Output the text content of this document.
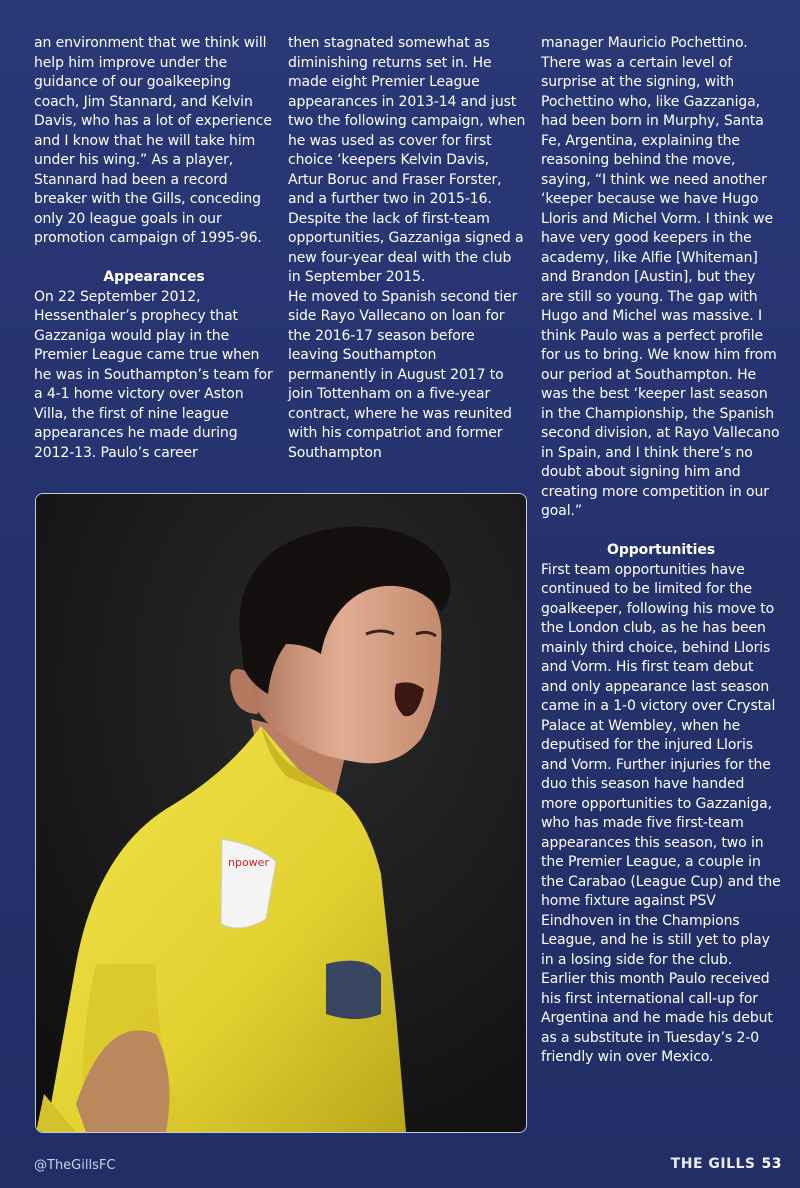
an environment that we think will help him improve under the guidance of our goalkeeping coach, Jim Stannard, and Kelvin Davis, who has a lot of experience and I know that he will take him under his wing.” As a player, Stannard had been a record breaker with the Gills, conceding only 20 league goals in our promotion campaign of 1995-96.

Appearances

On 22 September 2012, Hessenthaler’s prophecy that Gazzaniga would play in the Premier League came true when he was in Southampton’s team for a 4-1 home victory over Aston Villa, the first of nine league appearances he made during 2012-13. Paulo’s career

then stagnated somewhat as diminishing returns set in. He made eight Premier League appearances in 2013-14 and just two the following campaign, when he was used as cover for first choice ‘keepers Kelvin Davis, Artur Boruc and Fraser Forster, and a further two in 2015-16. Despite the lack of first-team opportunities, Gazzaniga signed a new four-year deal with the club in September 2015.

He moved to Spanish second tier side Rayo Vallecano on loan for the 2016-17 season before leaving Southampton permanently in August 2017 to join Tottenham on a five-year contract, where he was reunited with his compatriot and former Southampton

manager Mauricio Pochettino. There was a certain level of surprise at the signing, with Pochettino who, like Gazzaniga, had been born in Murphy, Santa Fe, Argentina, explaining the reasoning behind the move, saying, “I think we need another ‘keeper because we have Hugo Lloris and Michel Vorm. I think we have very good keepers in the academy, like Alfie [Whiteman] and Brandon [Austin], but they are still so young. The gap with Hugo and Michel was massive. I think Paulo was a perfect profile for us to bring. We know him from our period at Southampton. He was the best ‘keeper last season in the Championship, the Spanish second division, at Rayo Vallecano in Spain, and I think there’s no doubt about signing him and creating more competition in our goal.”

Opportunities

First team opportunities have continued to be limited for the goalkeeper, following his move to the London club, as he has been mainly third choice, behind Lloris and Vorm. His first team debut and only appearance last season came in a 1-0 victory over Crystal Palace at Wembley, when he deputised for the injured Lloris and Vorm. Further injuries for the duo this season have handed more opportunities to Gazzaniga, who has made five first-team appearances this season, two in the Premier League, a couple in the Carabao (League Cup) and the home fixture against PSV Eindhoven in the Champions League, and he is still yet to play in a losing side for the club.

Earlier this month Paulo received his first international call-up for Argentina and he made his debut as a substitute in Tuesday’s 2-0 friendly win over Mexico.

npower
@TheGillsFC	THE GILLS 53
